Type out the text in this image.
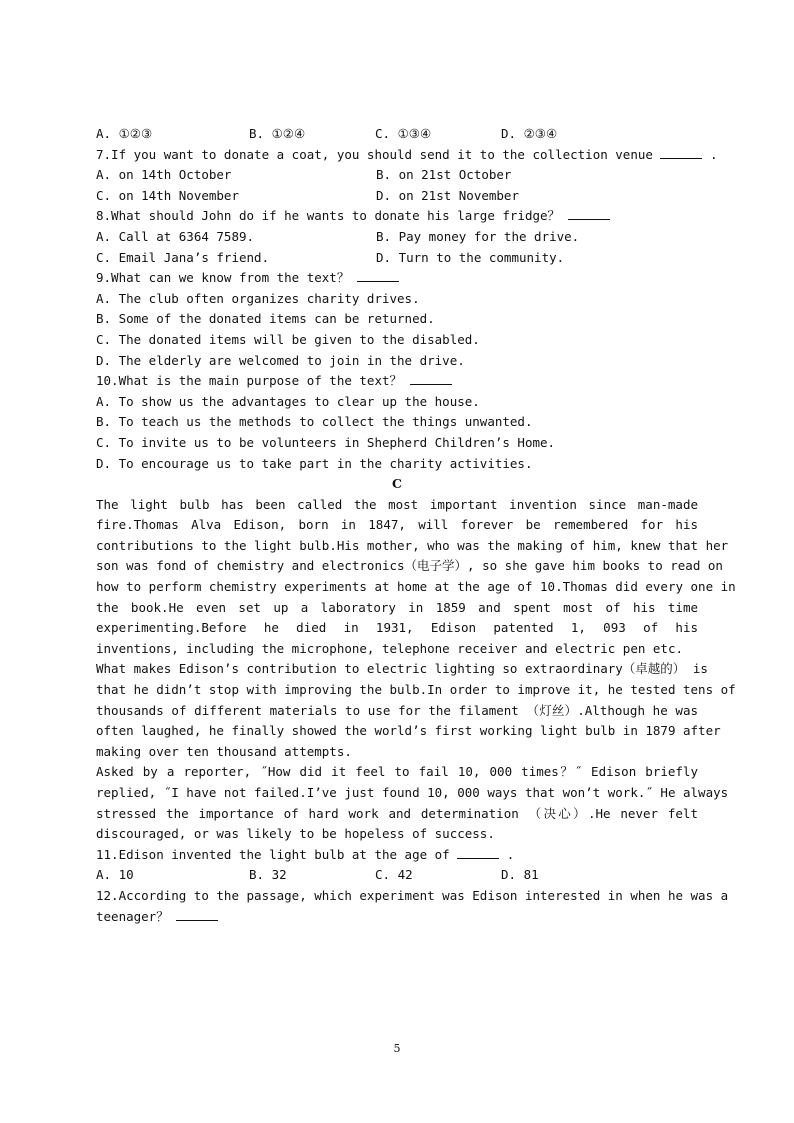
A. ①②③	B. ①②④	C. ①③④	D. ②③④
7.If you want to donate a coat, you should send it to the collection venue	.
A. on 14th October	B. on 21st October
C. on 14th November	D. on 21st November
8.What should John do if he wants to donate his large fridge？
A. Call at 6364 7589.	B. Pay money for the drive.
C. Email Jana’s friend.	D. Turn to the community.
9.What can we know from the text？
A. The club often organizes charity drives.
B. Some of the donated items can be returned.
C. The donated items will be given to the disabled.
D. The elderly are welcomed to join in the drive.
10.What is the main purpose of the text？
A. To show us the advantages to clear up the house.
B. To teach us the methods to collect the things unwanted.
C. To invite us to be volunteers in Shepherd Children’s Home.
D. To encourage us to take part in the charity activities.
C
The light bulb has been called the most important invention since man-made
fire.Thomas Alva Edison, born in 1847, will forever be remembered for his
contributions to the light bulb.His mother, who was the making of him, knew that her
son was fond of chemistry and electronics（电子学）, so she gave him books to read on
how to perform chemistry experiments at home at the age of 10.Thomas did every one in
the book.He even set up a laboratory in 1859 and spent most of his time
experimenting.Before he died in 1931, Edison patented 1, 093 of his
inventions, including the microphone, telephone receiver and electric pen etc.
What makes Edison’s contribution to electric lighting so extraordinary（卓越的） is
that he didn’t stop with improving the bulb.In order to improve it, he tested tens of
thousands of different materials to use for the filament （灯丝）.Although he was
often laughed, he finally showed the world’s first working light bulb in 1879 after
making over ten thousand attempts.
Asked by a reporter, ˝How did it feel to fail 10, 000 times？˝ Edison briefly
replied, ˝I have not failed.I’ve just found 10, 000 ways that won’t work.˝ He always
stressed the importance of hard work and determination （决心）.He never felt
discouraged, or was likely to be hopeless of success.
11.Edison invented the light bulb at the age of	.
A. 10	B. 32	C. 42	D. 81
12.According to the passage, which experiment was Edison interested in when he was a
teenager？
5
